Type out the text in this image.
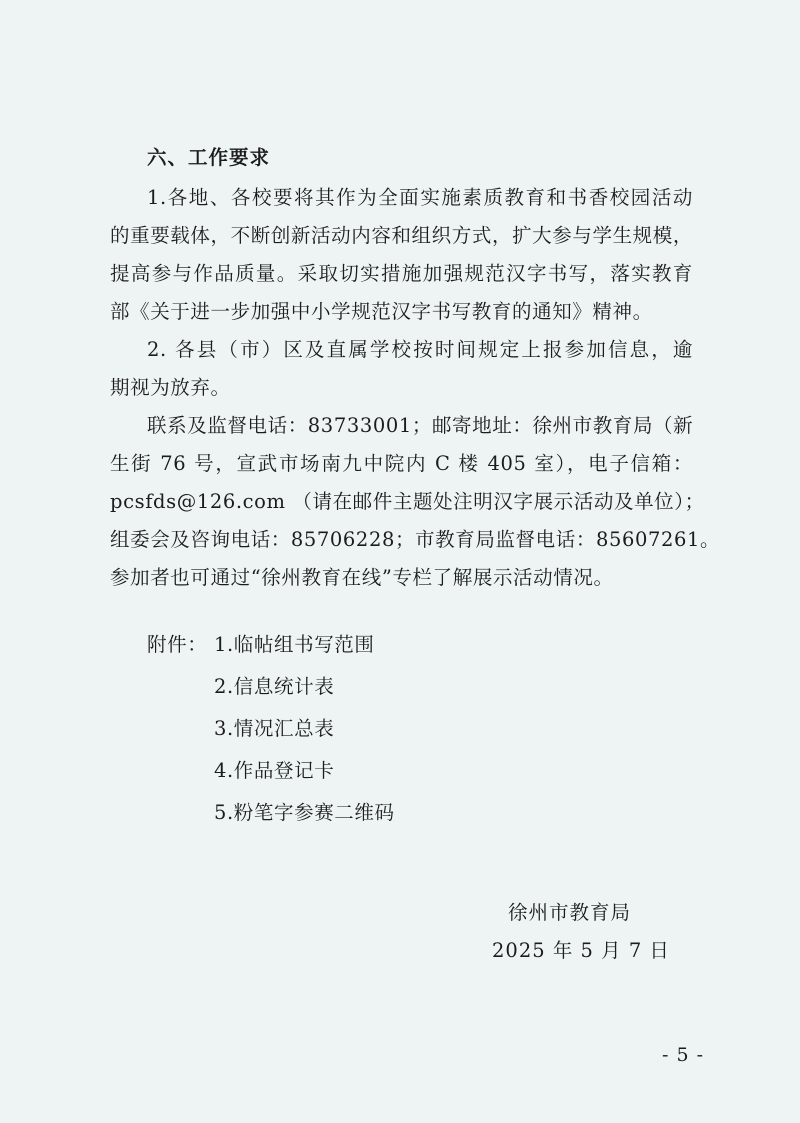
六、工作要求
1.各地、各校要将其作为全面实施素质教育和书香校园活动
的重要载体，不断创新活动内容和组织方式，扩大参与学生规模，
提高参与作品质量。采取切实措施加强规范汉字书写，落实教育
部《关于进一步加强中小学规范汉字书写教育的通知》精神。
2. 各县（市）区及直属学校按时间规定上报参加信息，逾
期视为放弃。
联系及监督电话：83733001；邮寄地址：徐州市教育局（新
生街 76 号，宣武市场南九中院内 C 楼 405 室），电子信箱：
pcsfds@126.com （请在邮件主题处注明汉字展示活动及单位）；
组委会及咨询电话：85706228；市教育局监督电话：85607261。
参加者也可通过“徐州教育在线”专栏了解展示活动情况。
附件： 1.临帖组书写范围
2.信息统计表
3.情况汇总表
4.作品登记卡
5.粉笔字参赛二维码
徐州市教育局
2025 年 5 月 7 日
- 5 -
